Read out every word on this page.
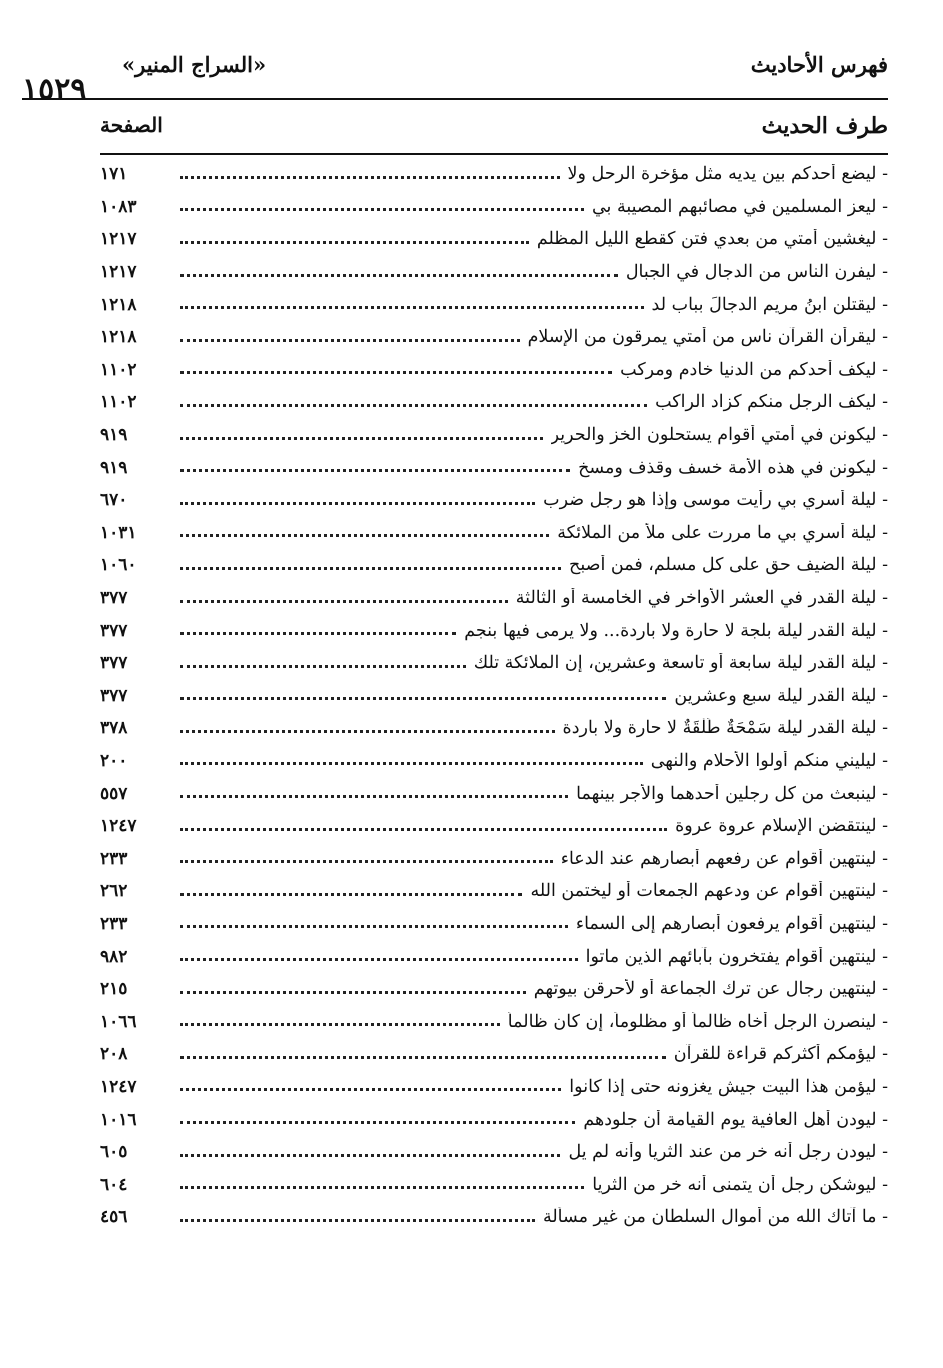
١٥٢٩
«السراج المنير»	فهرس الأحاديث
طرف الحديث
الصفحة
١٧١	- ليضع أحدكم بين يديه مثل مؤخرة الرحل ولا
١٠٨٣	- ليعز المسلمين في مصائبهم المصيبة بي
١٢١٧	- ليغشين أمتي من بعدي فتن كقطع الليل المظلم
١٢١٧	- ليفرن الناس من الدجال في الجبال
١٢١٨	- ليقتلن ابنُ مريم الدجالَ بباب لد
١٢١٨	- ليقرأن القرآن ناس من أمتي يمرقون من الإسلام
١١٠٢	- ليكف أحدكم من الدنيا خادم ومركب
١١٠٢	- ليكف الرجل منكم كزاد الراكب
٩١٩	- ليكونن في أمتي أقوام يستحلون الخز والحرير
٩١٩	- ليكونن في هذه الأمة خسف وقذف ومسخ
٦٧٠	- ليلة أسري بي رأيت موسى وإذا هو رجل ضرب
١٠٣١	- ليلة أسري بي ما مررت على ملأ من الملائكة
١٠٦٠	- ليلة الضيف حق على كل مسلم، فمن أصبح
٣٧٧	- ليلة القدر في العشر الأواخر في الخامسة أو الثالثة
٣٧٧	- ليلة القدر ليلة بلجة لا حارة ولا باردة... ولا يرمى فيها بنجم
٣٧٧	- ليلة القدر ليلة سابعة أو تاسعة وعشرين، إن الملائكة تلك
٣٧٧	- ليلة القدر ليلة سبع وعشرين
٣٧٨	- ليلة القدر ليلة سَمْحَةٌ طَلْقَةٌ لا حارة ولا باردة
٢٠٠	- ليليني منكم أولوا الأحلام والنهى
٥٥٧	- لينبعث من كل رجلين أحدهما والأجر بينهما
١٢٤٧	- لينتقضن الإسلام عروة عروة
٢٣٣	- لينتهين أقوام عن رفعهم أبصارهم عند الدعاء
٢٦٢	- لينتهين أقوام عن ودعهم الجمعات أو ليختمن الله
٢٣٣	- لينتهين أقوام يرفعون أبصارهم إلى السماء
٩٨٢	- لينتهين أقوام يفتخرون بآبائهم الذين ماتوا
٢١٥	- لينتهين رجال عن ترك الجماعة أو لأحرقن بيوتهم
١٠٦٦	- لينصرن الرجل أخاه ظالماً أو مظلوماً، إن كان ظالماً
٢٠٨	- ليؤمكم أكثركم قراءة للقرآن
١٢٤٧	- ليؤمن هذا البيت جيش يغزونه حتى إذا كانوا
١٠١٦	- ليودن أهل العافية يوم القيامة أن جلودهم
٦٠٥	- ليودن رجل أنه خر من عند الثريا وأنه لم يل
٦٠٤	- ليوشكن رجل أن يتمنى أنه خر من الثريا
٤٥٦	- ما آتاك الله من أموال السلطان من غير مسألة
